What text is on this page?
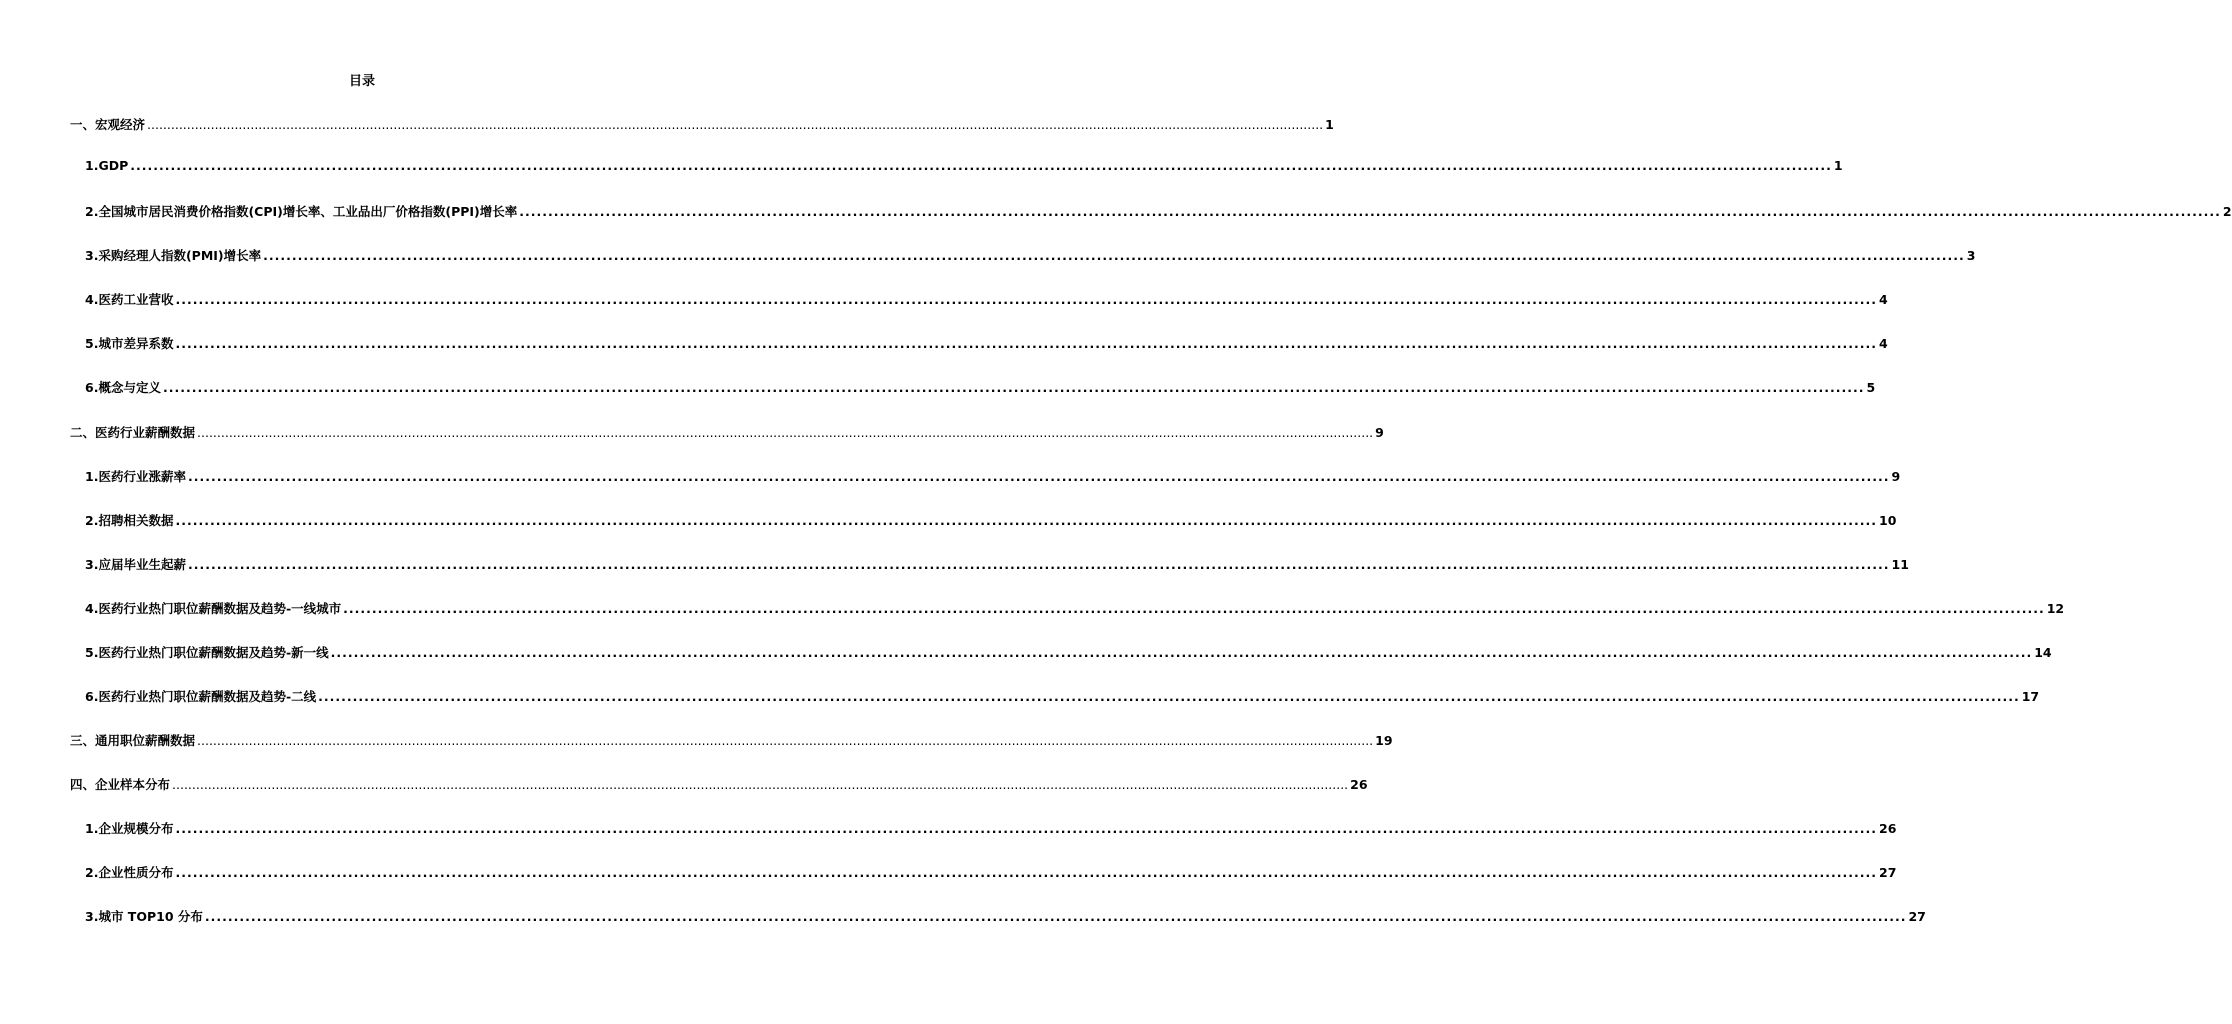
目录
一、 宏观经济 .....	1
1. GDP .....	1
2. 全国城市居民消费价格指数(CPI)增长率、工业品出厂价格指数(PPI)增长率 .....	2
3. 采购经理人指数(PMI)增长率 .....	3
4. 医药工业营收 .....	4
5. 城市差异系数 .....	4
6. 概念与定义 .....	5
二、 医药行业薪酬数据 .....	9
1. 医药行业涨薪率 .....	9
2. 招聘相关数据 .....	10
3. 应届毕业生起薪 .....	11
4. 医药行业热门职位薪酬数据及趋势-一线城市 .....	12
5. 医药行业热门职位薪酬数据及趋势-新一线 .....	14
6. 医药行业热门职位薪酬数据及趋势-二线 .....	17
三、 通用职位薪酬数据 .....	19
四、 企业样本分布 .....	26
1. 企业规模分布 .....	26
2. 企业性质分布 .....	27
3. 城市 TOP10 分布 .....	27
